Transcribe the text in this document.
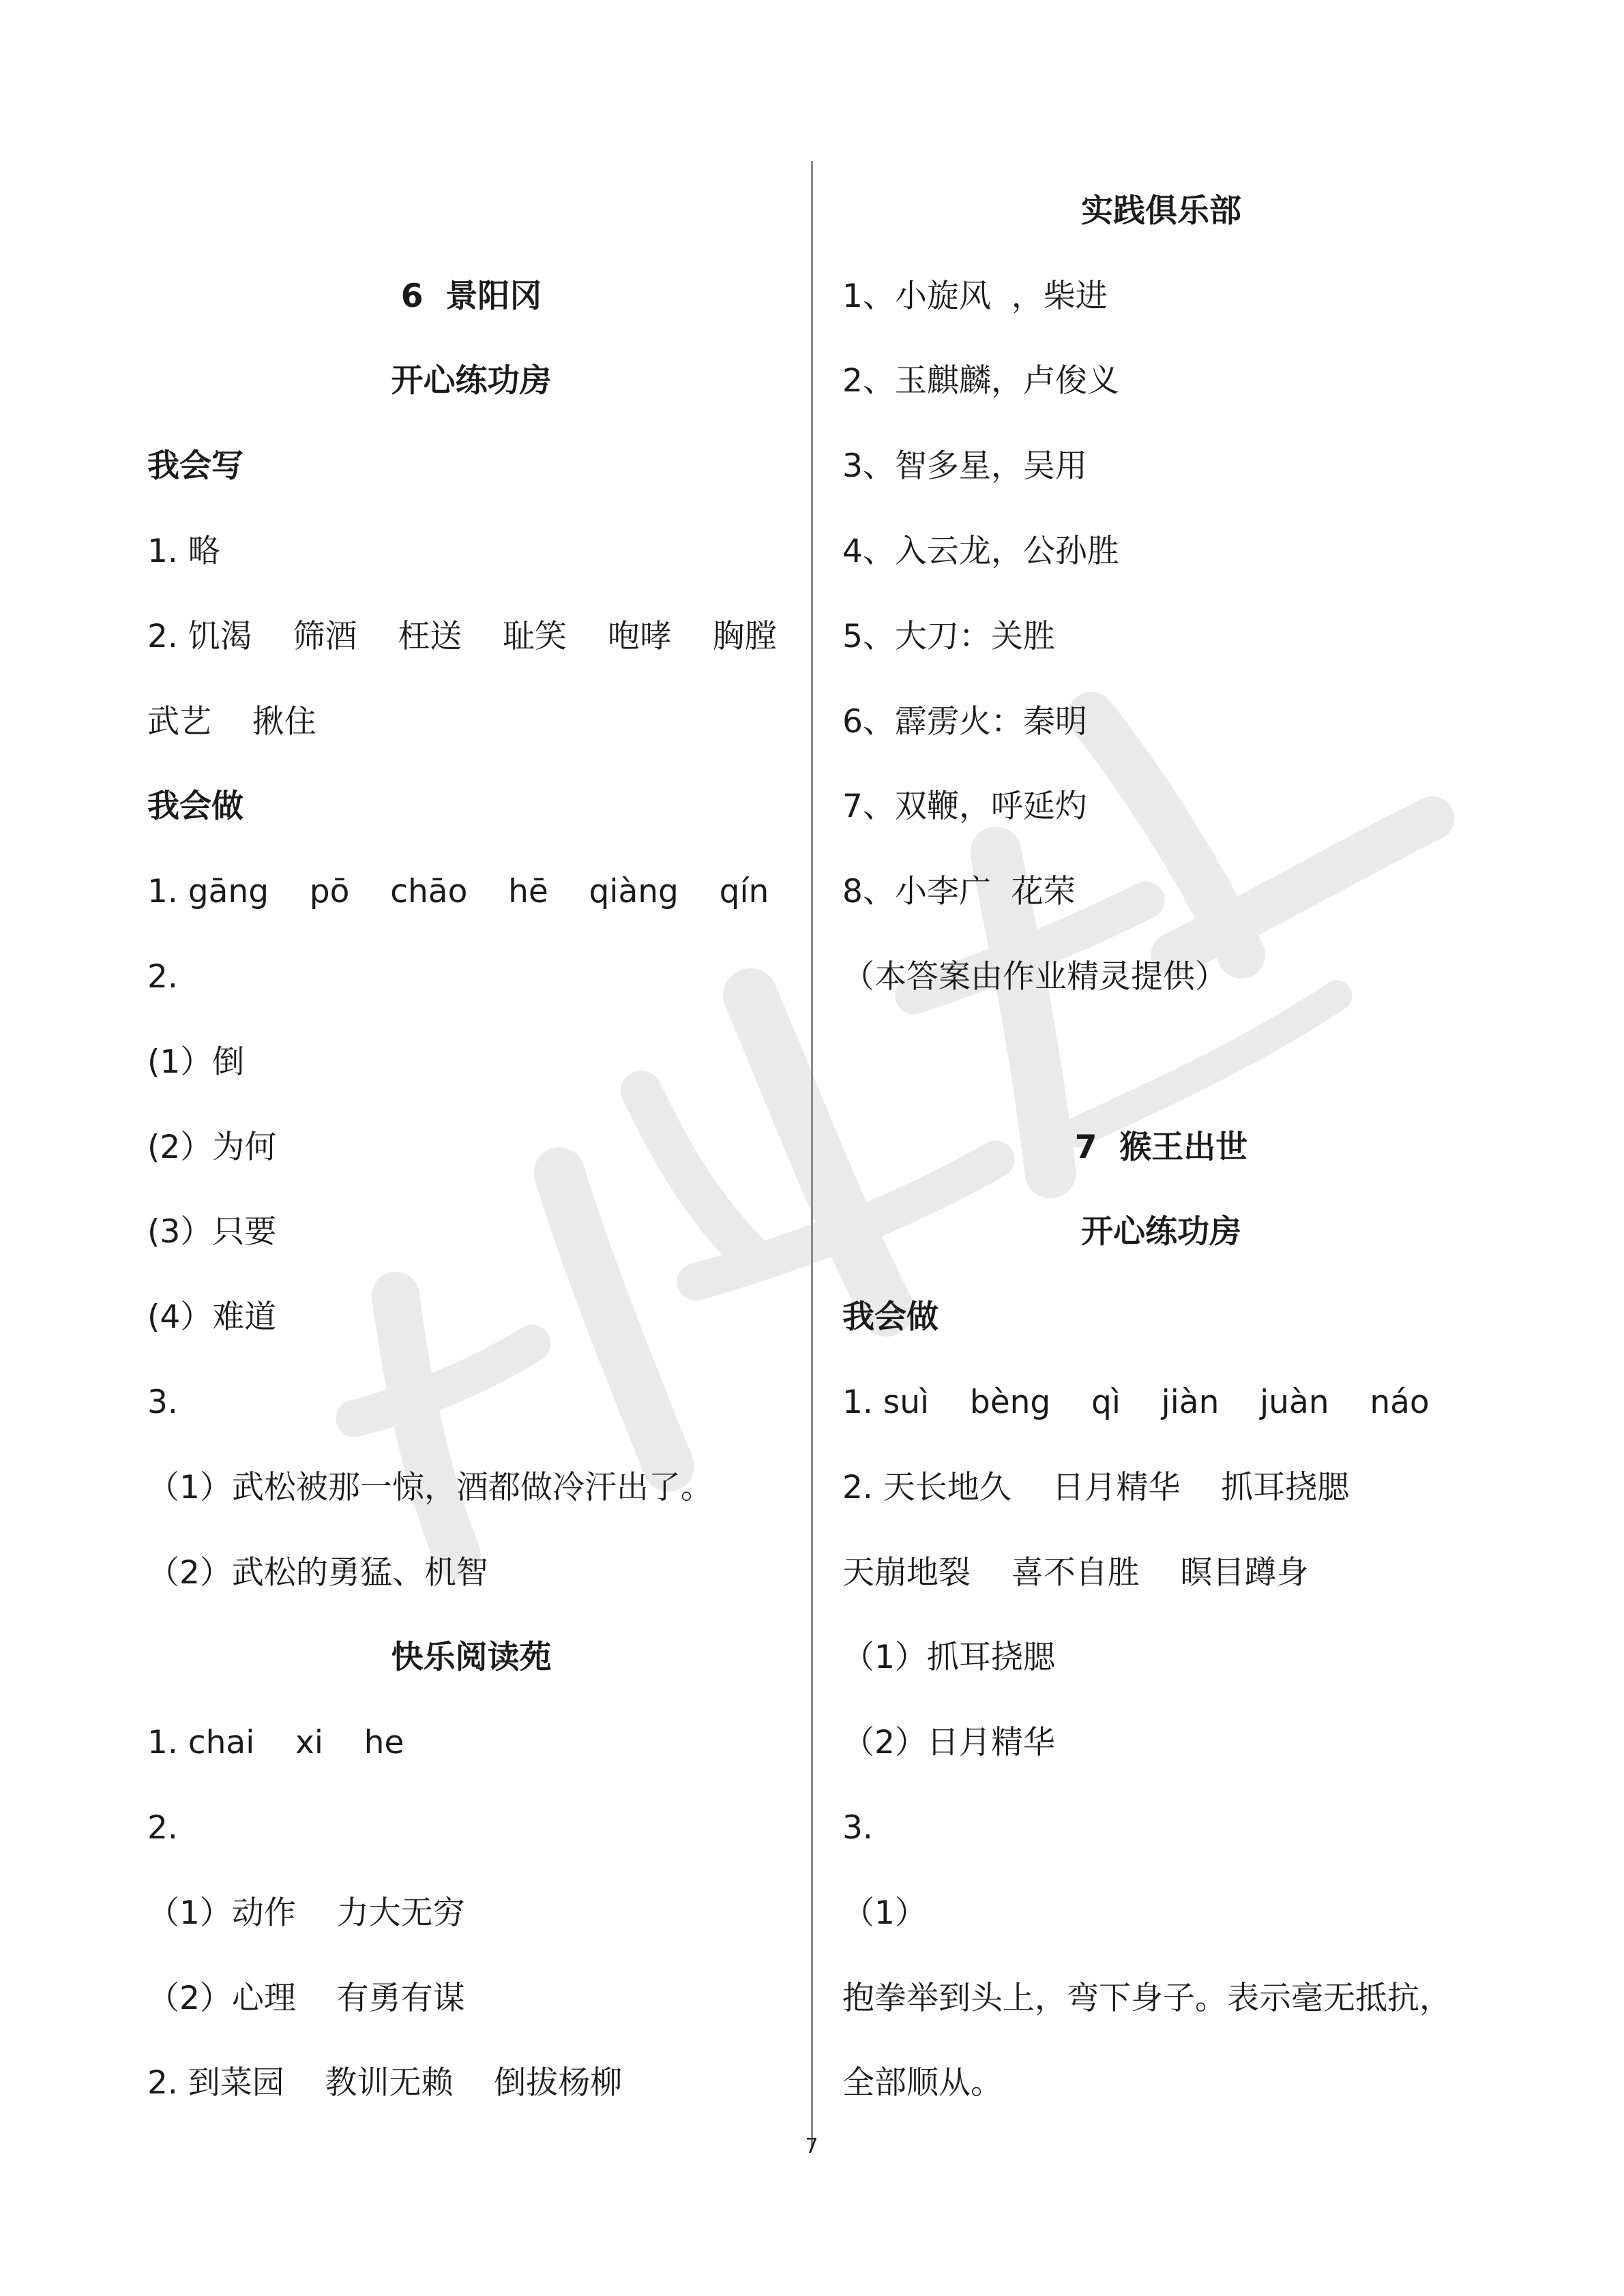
6  景阳冈
开心练功房
我会写
1. 略
2. 饥渴    筛酒    枉送    耻笑    咆哮    胸膛
武艺    揪住
我会做
1. gāng    pō    chāo    hē    qiàng    qín
2.
(1）倒
(2）为何
(3）只要
(4）难道
3.
（1）武松被那一惊，酒都做冷汗出了。
（2）武松的勇猛、机智
快乐阅读苑
1. chai    xi    he
2.
（1）动作    力大无穷
（2）心理    有勇有谋
2. 到菜园    教训无赖    倒拔杨柳
实践俱乐部
1、小旋风  ，柴进
2、玉麒麟，卢俊义
3、智多星，吴用
4、入云龙，公孙胜
5、大刀：关胜
6、霹雳火：秦明
7、双鞭，呼延灼
8、小李广  花荣
（本答案由作业精灵提供）
7  猴王出世
开心练功房
我会做
1. suì    bèng    qì    jiàn    juàn    náo
2. 天长地久    日月精华    抓耳挠腮
天崩地裂    喜不自胜    瞑目蹲身
（1）抓耳挠腮
（2）日月精华
3.
（1）
抱拳举到头上，弯下身子。表示毫无抵抗，
全部顺从。
7
